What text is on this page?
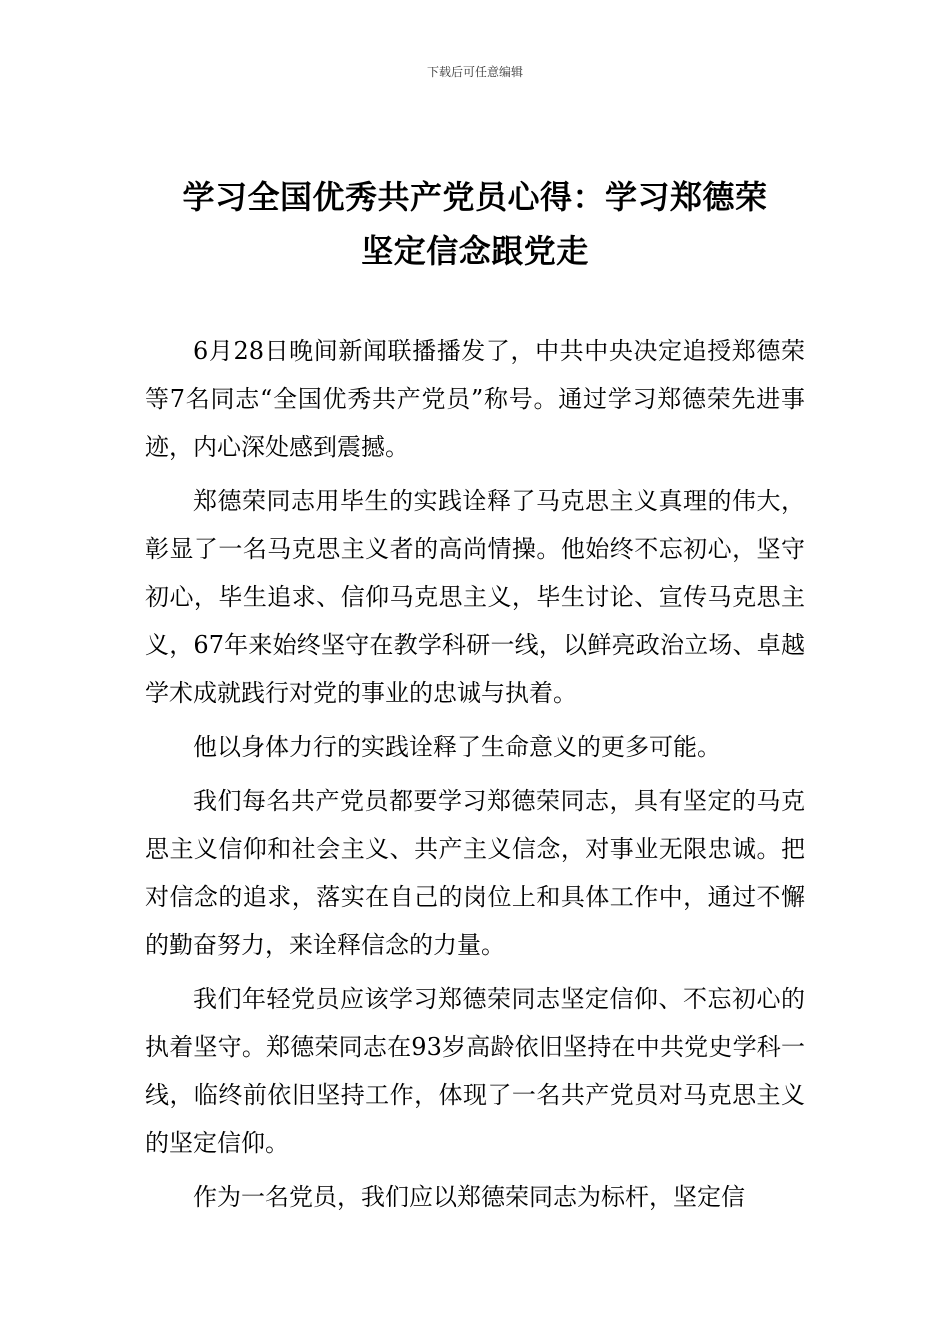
下载后可任意编辑
学习全国优秀共产党员心得：学习郑德荣
坚定信念跟党走

6月28日晚间新闻联播播发了，中共中央决定追授郑德荣等7名同志“全国优秀共产党员”称号。通过学习郑德荣先进事迹，内心深处感到震撼。

郑德荣同志用毕生的实践诠释了马克思主义真理的伟大，彰显了一名马克思主义者的高尚情操。他始终不忘初心，坚守初心，毕生追求、信仰马克思主义，毕生讨论、宣传马克思主义，67年来始终坚守在教学科研一线，以鲜亮政治立场、卓越学术成就践行对党的事业的忠诚与执着。

他以身体力行的实践诠释了生命意义的更多可能。

我们每名共产党员都要学习郑德荣同志，具有坚定的马克思主义信仰和社会主义、共产主义信念，对事业无限忠诚。把对信念的追求，落实在自己的岗位上和具体工作中，通过不懈的勤奋努力，来诠释信念的力量。

我们年轻党员应该学习郑德荣同志坚定信仰、不忘初心的执着坚守。郑德荣同志在93岁高龄依旧坚持在中共党史学科一线，临终前依旧坚持工作，体现了一名共产党员对马克思主义的坚定信仰。

作为一名党员，我们应以郑德荣同志为标杆，坚定信
